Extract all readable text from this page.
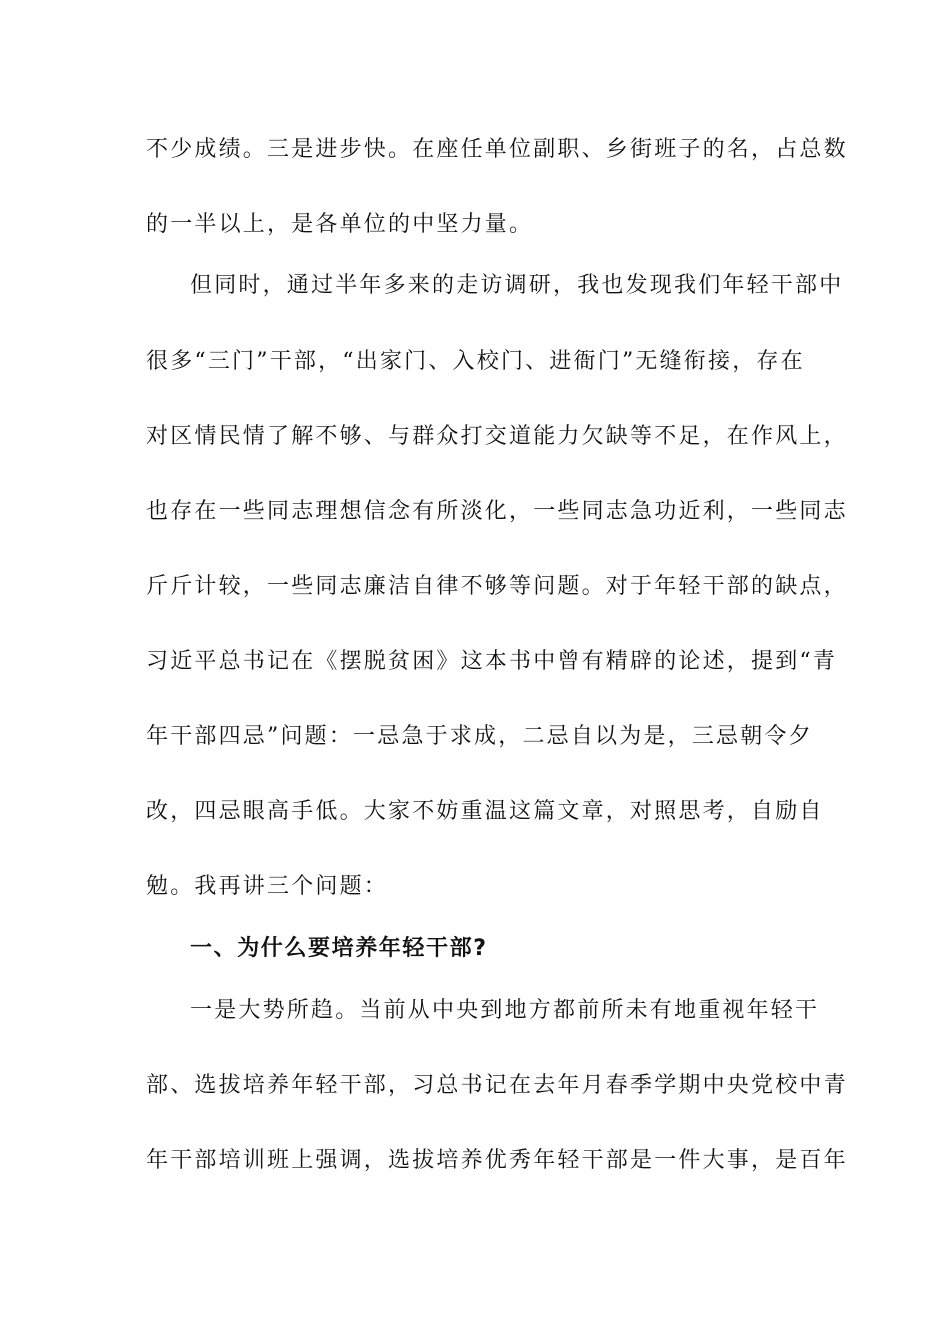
不少成绩。三是进步快。在座任单位副职、乡街班子的名，占总数
的一半以上，是各单位的中坚力量。
但同时，通过半年多来的走访调研，我也发现我们年轻干部中
很多“三门”干部，“出家门、入校门、进衙门”无缝衔接，存在
对区情民情了解不够、与群众打交道能力欠缺等不足，在作风上，
也存在一些同志理想信念有所淡化，一些同志急功近利，一些同志
斤斤计较，一些同志廉洁自律不够等问题。对于年轻干部的缺点，
习近平总书记在《摆脱贫困》这本书中曾有精辟的论述，提到“青
年干部四忌”问题：一忌急于求成，二忌自以为是，三忌朝令夕
改，四忌眼高手低。大家不妨重温这篇文章，对照思考，自励自
勉。我再讲三个问题：
一、为什么要培养年轻干部?
一是大势所趋。当前从中央到地方都前所未有地重视年轻干
部、选拔培养年轻干部，习总书记在去年月春季学期中央党校中青
年干部培训班上强调，选拔培养优秀年轻干部是一件大事，是百年
